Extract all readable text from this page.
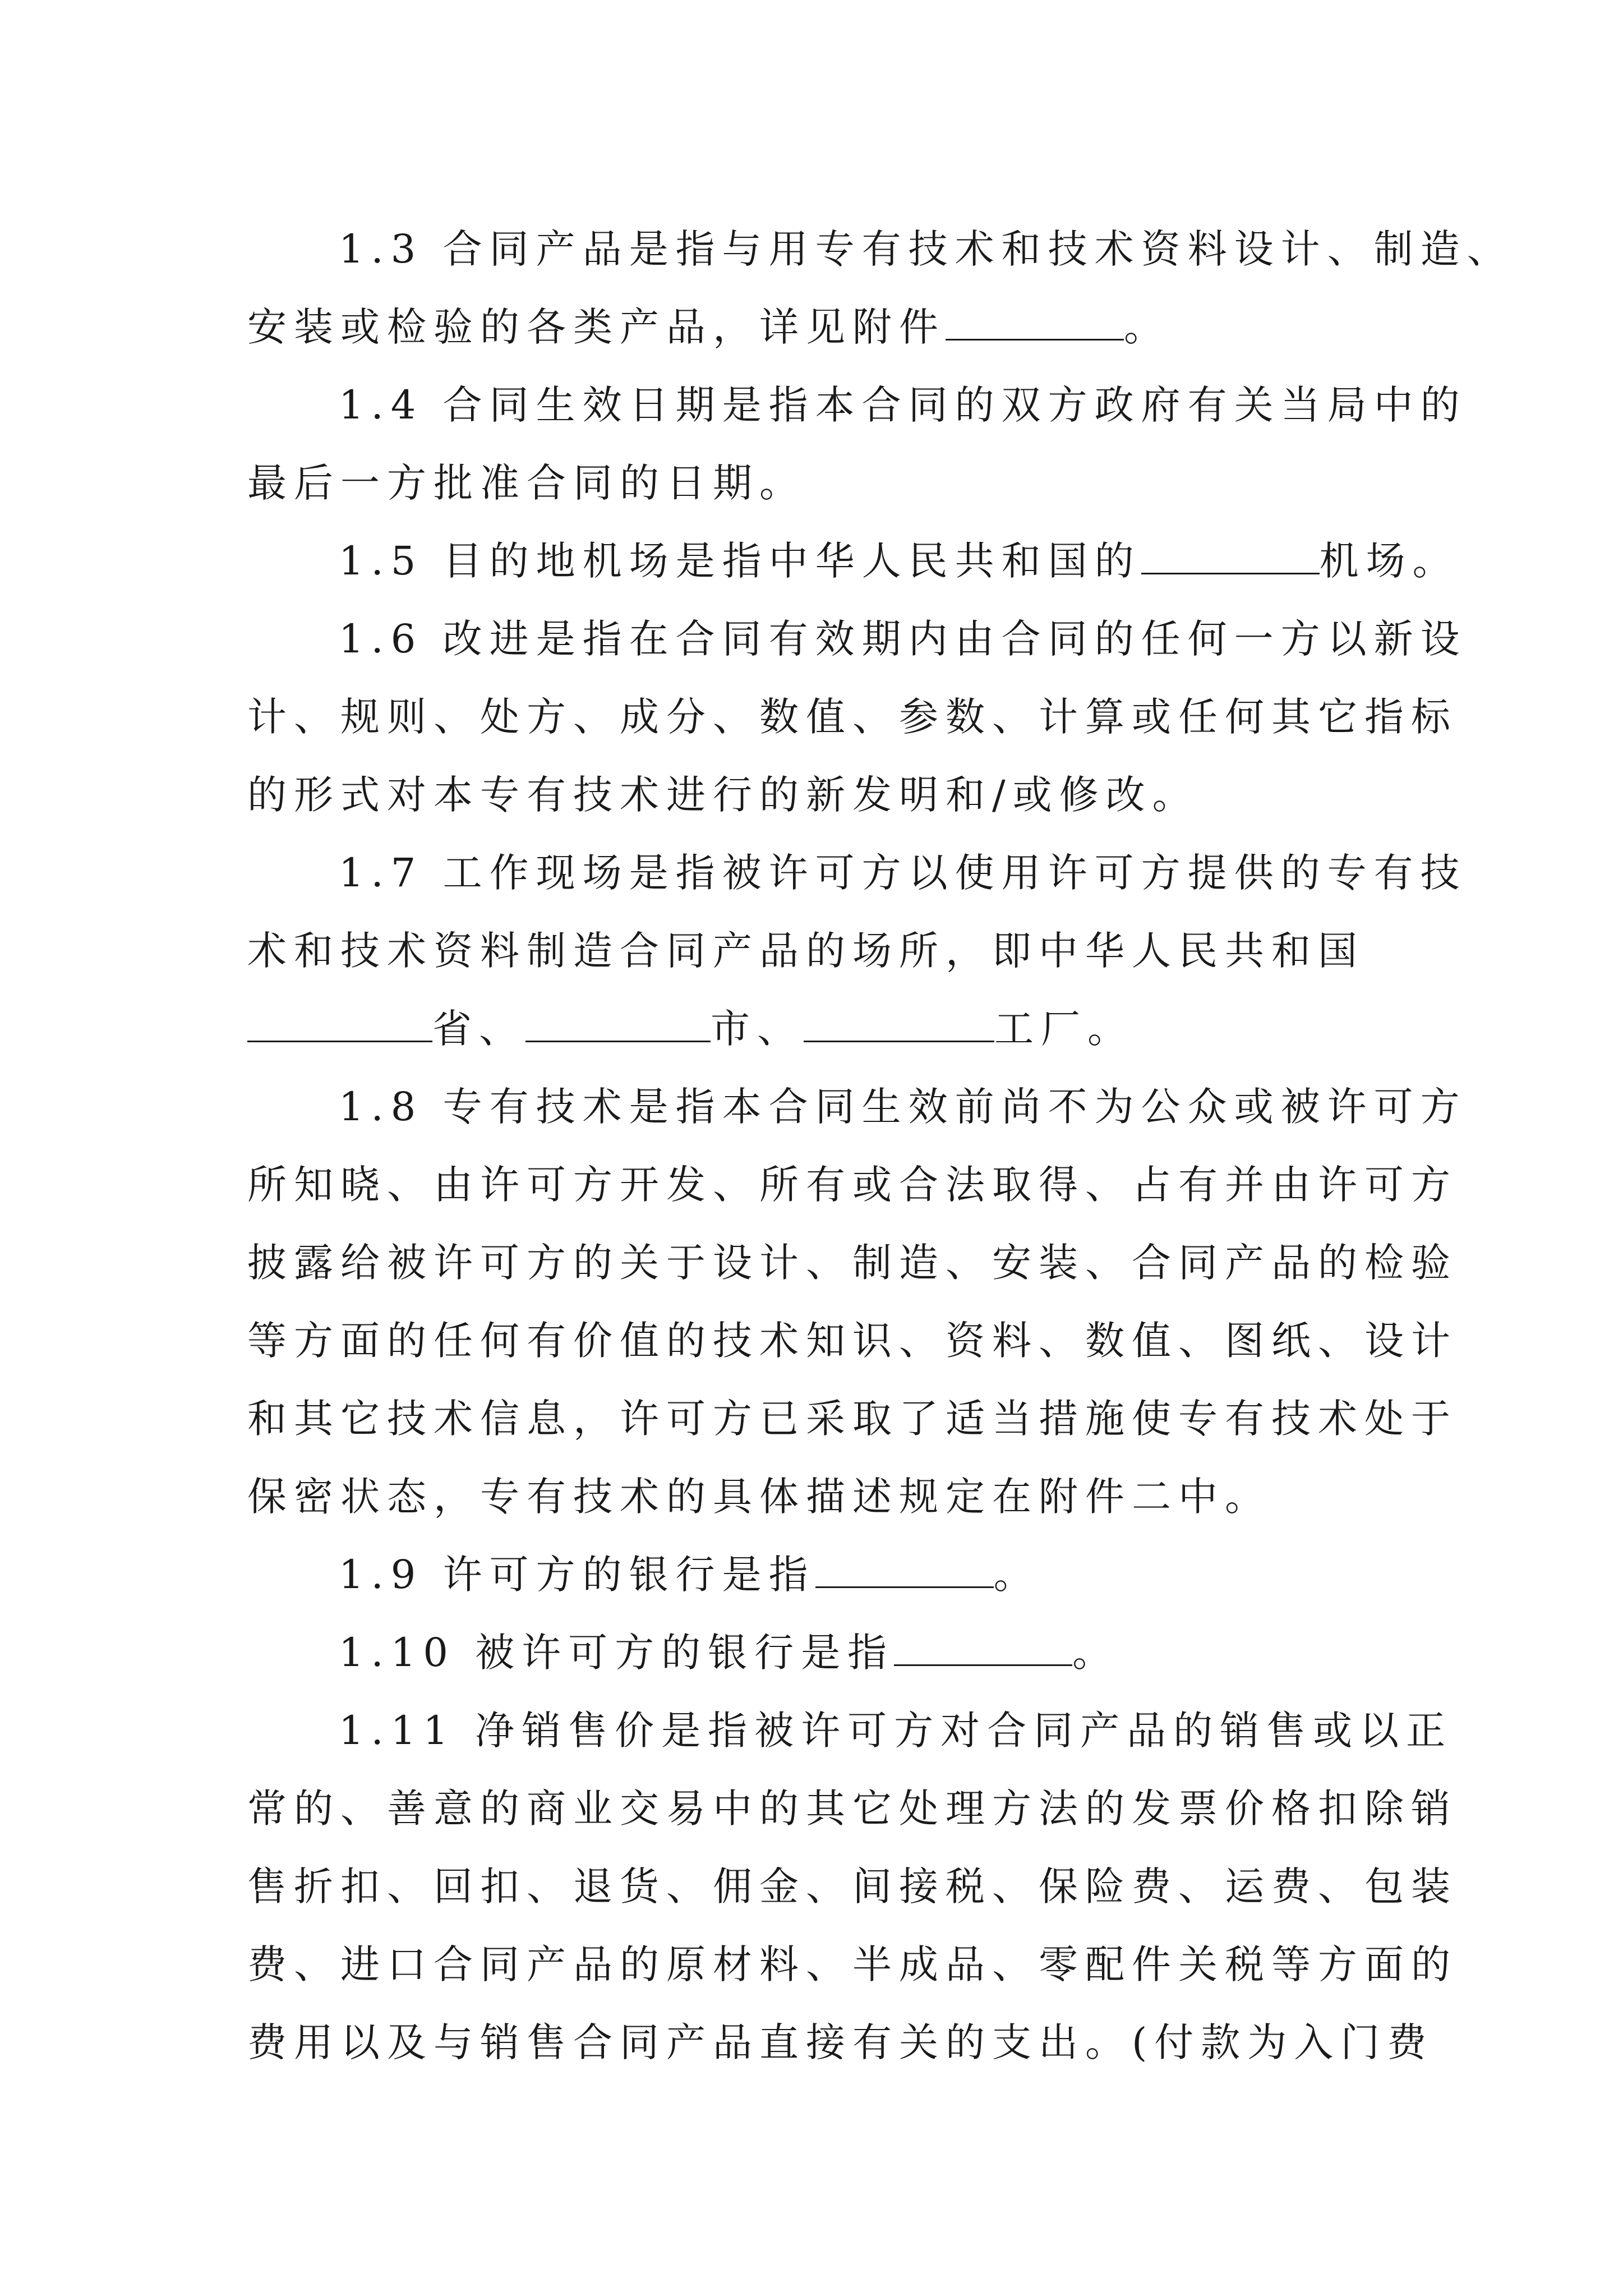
1.3 合同产品是指与用专有技术和技术资料设计、制造、
安装或检验的各类产品，详见附件	。
1.4 合同生效日期是指本合同的双方政府有关当局中的
最后一方批准合同的日期。
1.5 目的地机场是指中华人民共和国的	机场。
1.6 改进是指在合同有效期内由合同的任何一方以新设
计、规则、处方、成分、数值、参数、计算或任何其它指标
的形式对本专有技术进行的新发明和/或修改。
1.7 工作现场是指被许可方以使用许可方提供的专有技
术和技术资料制造合同产品的场所，即中华人民共和国
省、	市、	工厂。
1.8 专有技术是指本合同生效前尚不为公众或被许可方
所知晓、由许可方开发、所有或合法取得、占有并由许可方
披露给被许可方的关于设计、制造、安装、合同产品的检验
等方面的任何有价值的技术知识、资料、数值、图纸、设计
和其它技术信息，许可方已采取了适当措施使专有技术处于
保密状态，专有技术的具体描述规定在附件二中。
1.9 许可方的银行是指	。
1.10 被许可方的银行是指	。
1.11 净销售价是指被许可方对合同产品的销售或以正
常的、善意的商业交易中的其它处理方法的发票价格扣除销
售折扣、回扣、退货、佣金、间接税、保险费、运费、包装
费、进口合同产品的原材料、半成品、零配件关税等方面的
费用以及与销售合同产品直接有关的支出。(付款为入门费
